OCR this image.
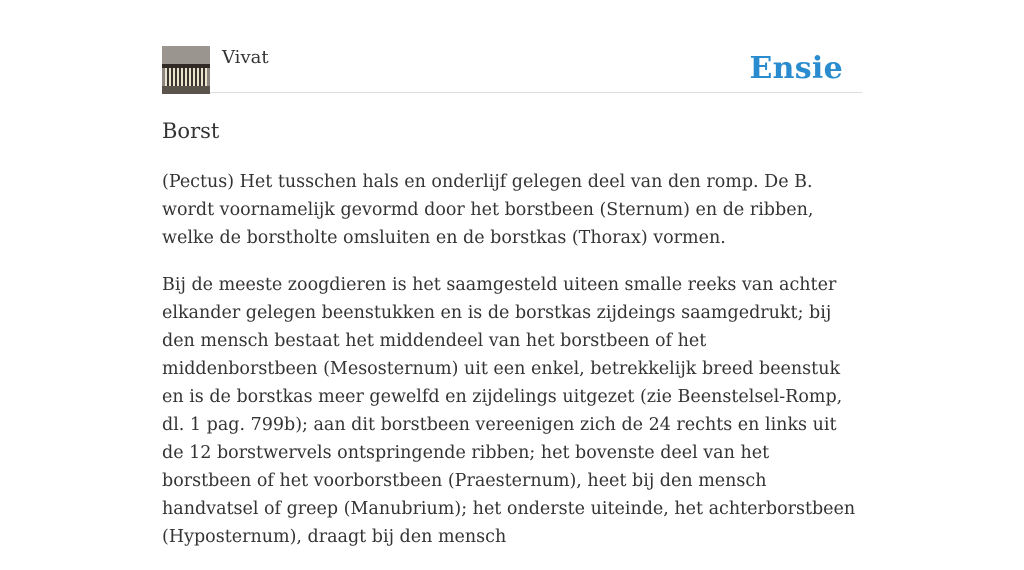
Vivat	Ensie
Borst

(Pectus) Het tusschen hals en onderlijf gelegen deel van den romp. De B. wordt voornamelijk gevormd door het borstbeen (Sternum) en de ribben, welke de borstholte omsluiten en de borstkas (Thorax) vormen.

Bij de meeste zoogdieren is het saamgesteld uiteen smalle reeks van achter elkander gelegen beenstukken en is de borstkas zijdeings saamgedrukt; bij den mensch bestaat het middendeel van het borstbeen of het middenborstbeen (Mesosternum) uit een enkel, betrekkelijk breed beenstuk en is de borstkas meer gewelfd en zijdelings uitgezet (zie Beenstelsel-Romp, dl. 1 pag. 799b); aan dit borstbeen vereenigen zich de 24 rechts en links uit de 12 borstwervels ontspringende ribben; het bovenste deel van het borstbeen of het voorborstbeen (Praesternum), heet bij den mensch handvatsel of greep (Manubrium); het onderste uiteinde, het achterborstbeen (Hyposternum), draagt bij den mensch
